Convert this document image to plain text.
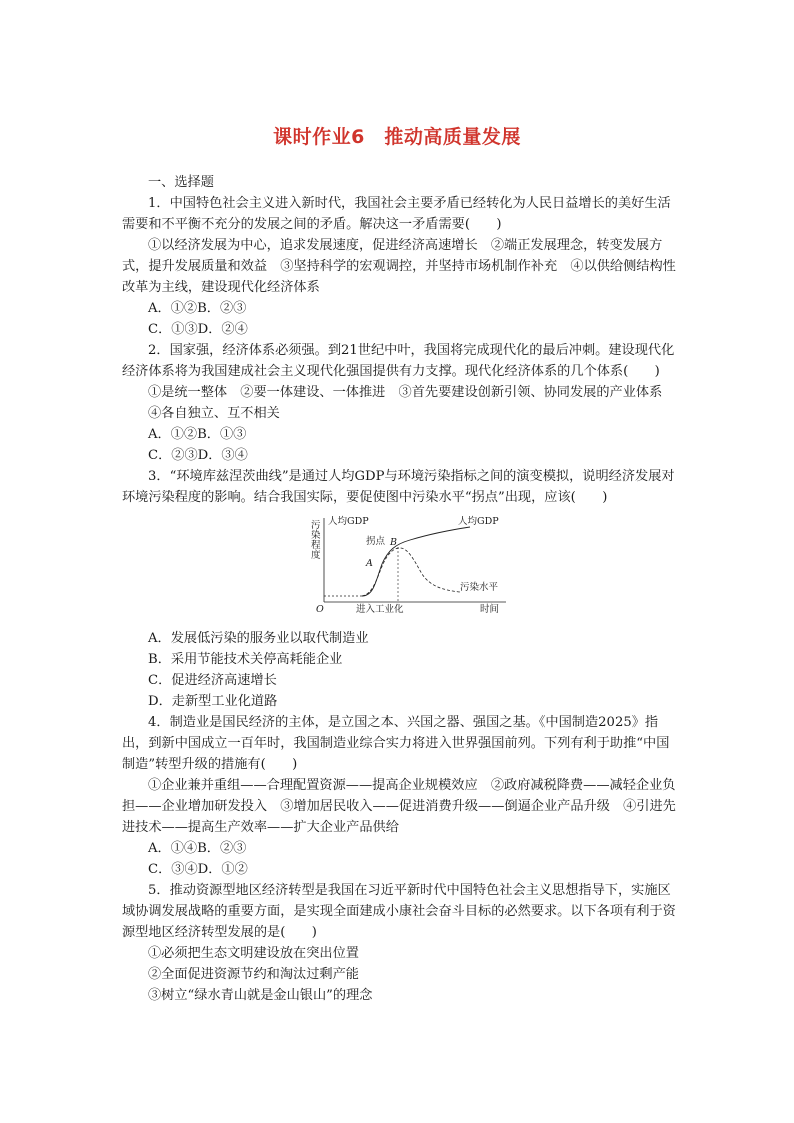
课时作业6　推动高质量发展

一、选择题

1．中国特色社会主义进入新时代，我国社会主要矛盾已经转化为人民日益增长的美好生活需要和不平衡不充分的发展之间的矛盾。解决这一矛盾需要(　　)

①以经济发展为中心，追求发展速度，促进经济高速增长　②端正发展理念，转变发展方式，提升发展质量和效益　③坚持科学的宏观调控，并坚持市场机制作补充　④以供给侧结构性改革为主线，建设现代化经济体系

A．①②B．②③

C．①③D．②④

2．国家强，经济体系必须强。到21世纪中叶，我国将完成现代化的最后冲刺。建设现代化经济体系将为我国建成社会主义现代化强国提供有力支撑。现代化经济体系的几个体系(　　)

①是统一整体　②要一体建设、一体推进　③首先要建设创新引领、协同发展的产业体系

④各自独立、互不相关

A．①②B．①③

C．②③D．③④

3．“环境库兹涅茨曲线”是通过人均GDP与环境污染指标之间的演变模拟，说明经济发展对环境污染程度的影响。结合我国实际，要促使图中污染水平“拐点”出现，应该(　　)

污
染
程
度
人均GDP	人均GDP
拐点 B
A
污染水平
O	进入工业化	时间

A．发展低污染的服务业以取代制造业

B．采用节能技术关停高耗能企业

C．促进经济高速增长

D．走新型工业化道路

4．制造业是国民经济的主体，是立国之本、兴国之器、强国之基。《中国制造2025》指出，到新中国成立一百年时，我国制造业综合实力将进入世界强国前列。下列有利于助推“中国制造”转型升级的措施有(　　)

①企业兼并重组——合理配置资源——提高企业规模效应　②政府减税降费——减轻企业负担——企业增加研发投入　③增加居民收入——促进消费升级——倒逼企业产品升级　④引进先进技术——提高生产效率——扩大企业产品供给

A．①④B．②③

C．③④D．①②

5．推动资源型地区经济转型是我国在习近平新时代中国特色社会主义思想指导下，实施区域协调发展战略的重要方面，是实现全面建成小康社会奋斗目标的必然要求。以下各项有利于资源型地区经济转型发展的是(　　)

①必须把生态文明建设放在突出位置

②全面促进资源节约和淘汰过剩产能

③树立“绿水青山就是金山银山”的理念
